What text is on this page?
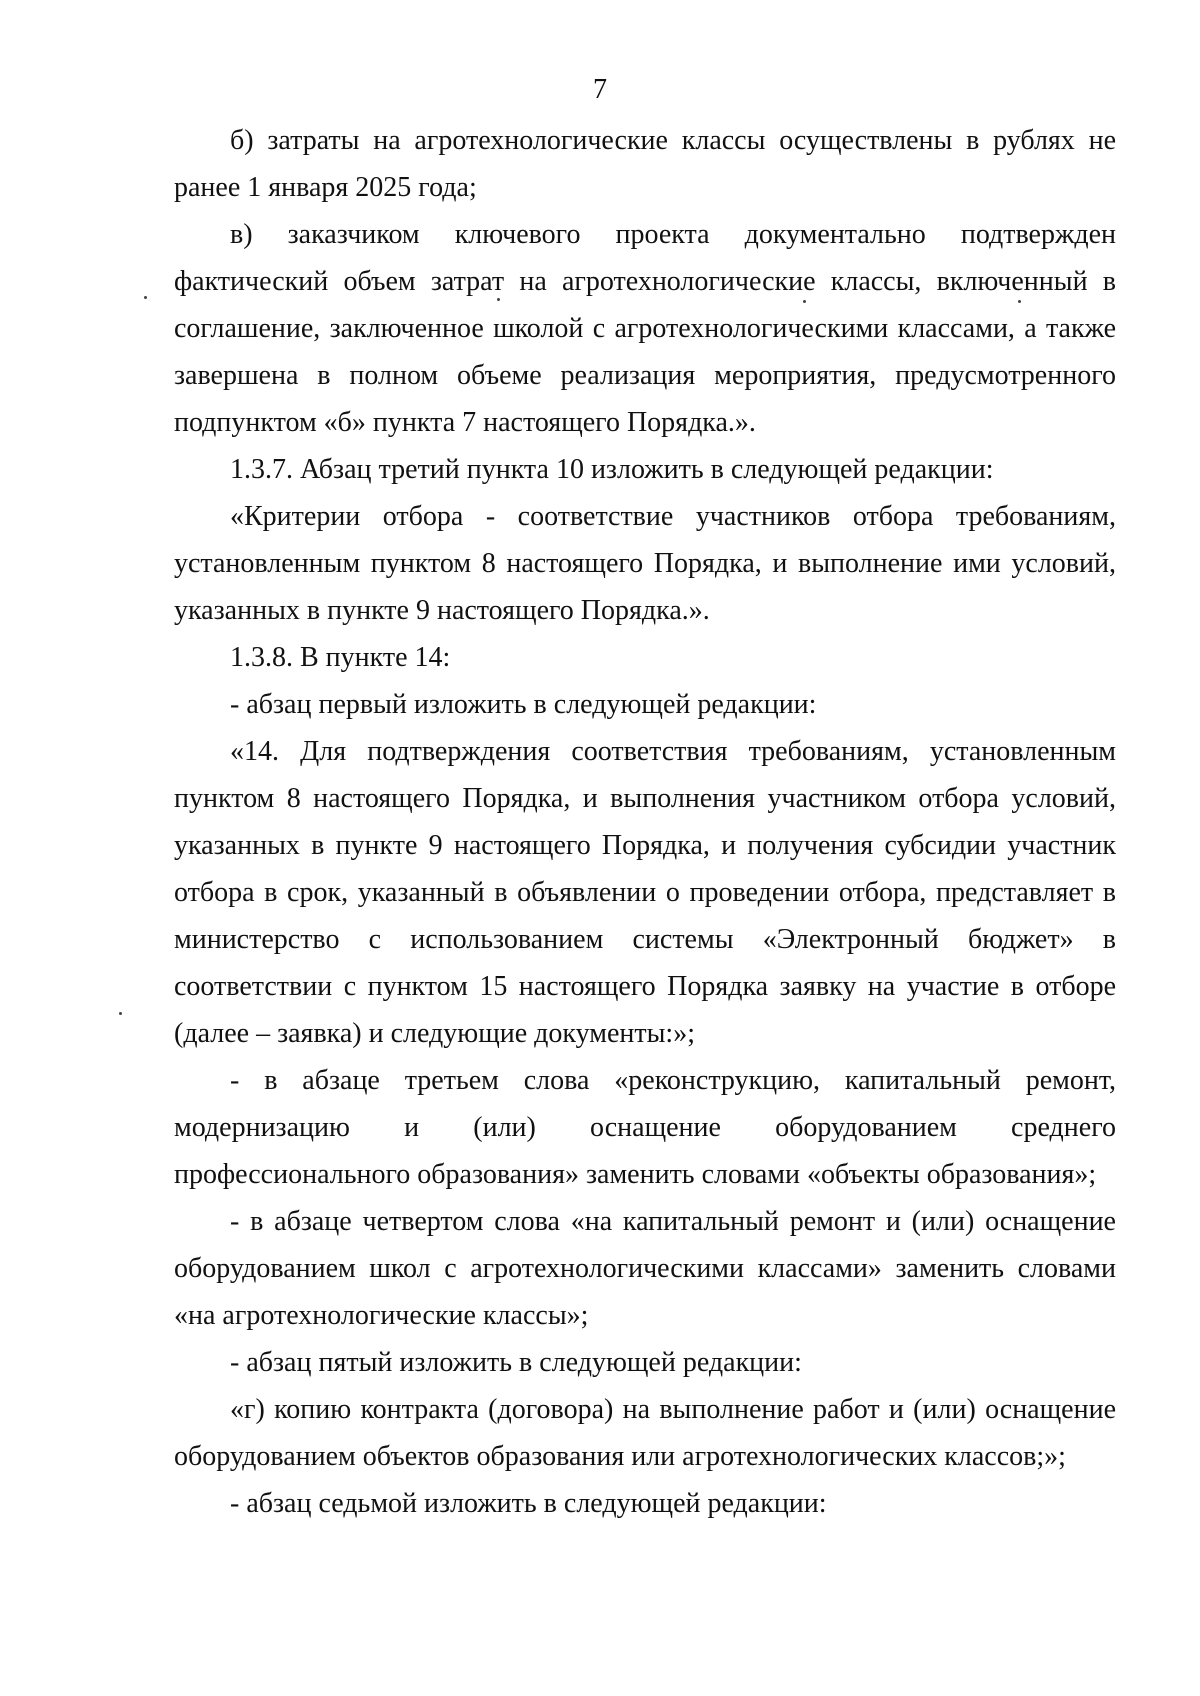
7

б) затраты на агротехнологические классы осуществлены в рублях не ранее 1 января 2025 года;

в) заказчиком ключевого проекта документально подтвержден фактический объем затрат на агротехнологические классы, включенный в соглашение, заключенное школой с агротехнологическими классами, а также завершена в полном объеме реализация мероприятия, предусмотренного подпунктом «б» пункта 7 настоящего Порядка.».

1.3.7. Абзац третий пункта 10 изложить в следующей редакции:

«Критерии отбора - соответствие участников отбора требованиям, установленным пунктом 8 настоящего Порядка, и выполнение ими условий, указанных в пункте 9 настоящего Порядка.».

1.3.8. В пункте 14:

- абзац первый изложить в следующей редакции:

«14. Для подтверждения соответствия требованиям, установленным пунктом 8 настоящего Порядка, и выполнения участником отбора условий, указанных в пункте 9 настоящего Порядка, и получения субсидии участник отбора в срок, указанный в объявлении о проведении отбора, представляет в министерство с использованием системы «Электронный бюджет» в соответствии с пунктом 15 настоящего Порядка заявку на участие в отборе (далее – заявка) и следующие документы:»;

- в абзаце третьем слова «реконструкцию, капитальный ремонт, модернизацию и (или) оснащение оборудованием среднего профессионального образования» заменить словами «объекты образования»;

- в абзаце четвертом слова «на капитальный ремонт и (или) оснащение оборудованием школ с агротехнологическими классами» заменить словами «на агротехнологические классы»;

- абзац пятый изложить в следующей редакции:

«г) копию контракта (договора) на выполнение работ и (или) оснащение оборудованием объектов образования или агротехнологических классов;»;

- абзац седьмой изложить в следующей редакции:
